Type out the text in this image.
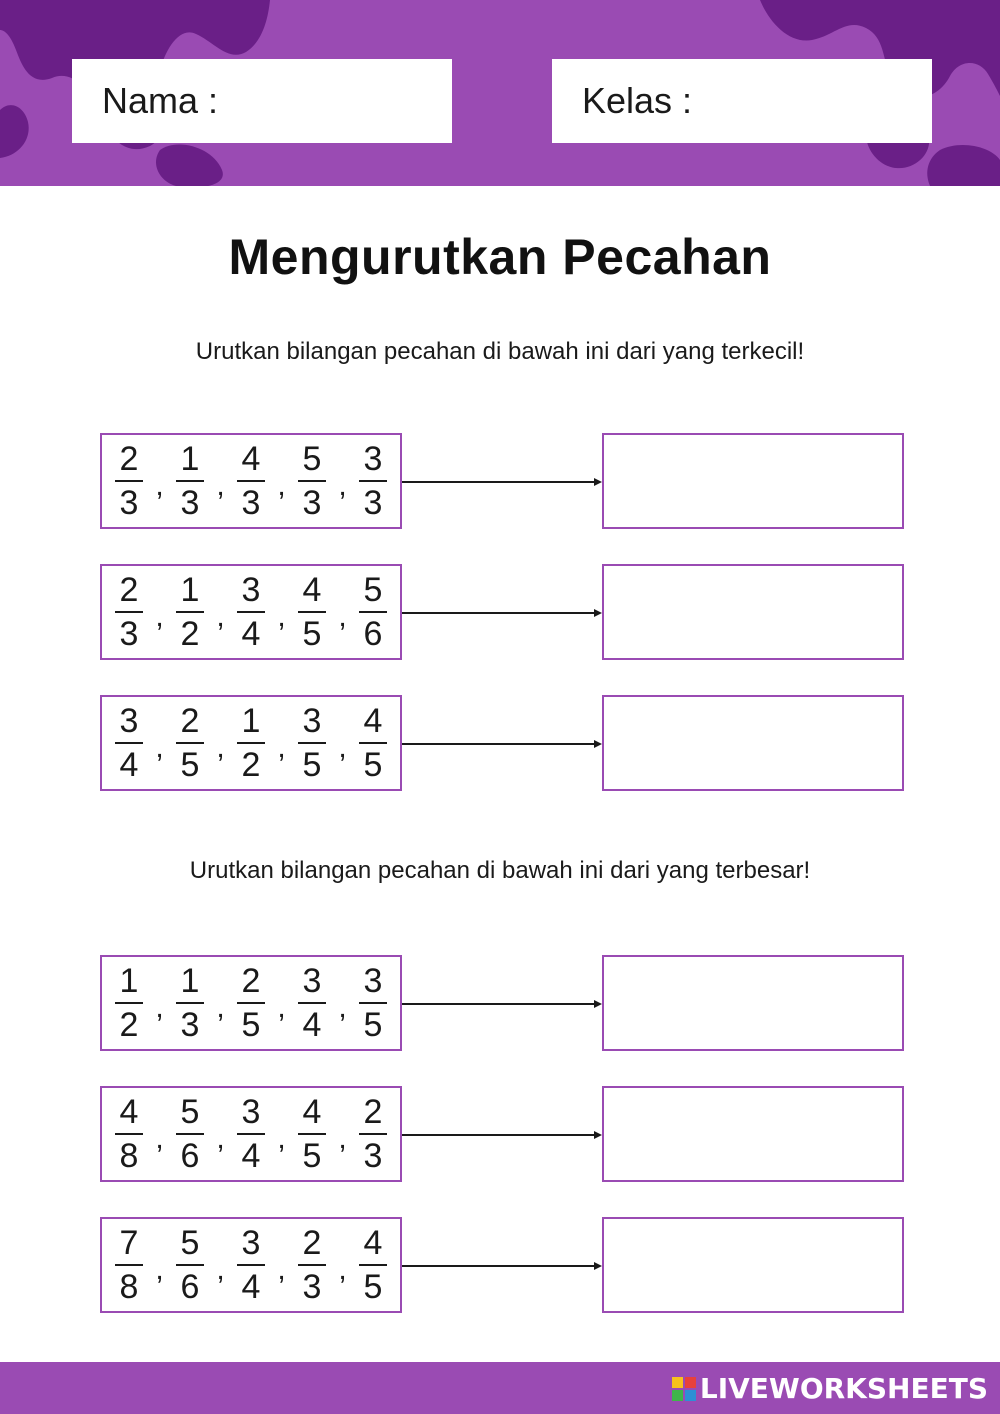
Nama :	Kelas :
Mengurutkan Pecahan
Urutkan bilangan pecahan di bawah ini dari yang terkecil!
Urutkan bilangan pecahan di bawah ini dari yang terbesar!
$\frac{2}{3}$ , $\frac{1}{3}$ , $\frac{4}{3}$ , $\frac{5}{3}$ , $\frac{3}{3}$
$\frac{2}{3}$ , $\frac{1}{2}$ , $\frac{3}{4}$ , $\frac{4}{5}$ , $\frac{5}{6}$
$\frac{3}{4}$ , $\frac{2}{5}$ , $\frac{1}{2}$ , $\frac{3}{5}$ , $\frac{4}{5}$
$\frac{1}{2}$ , $\frac{1}{3}$ , $\frac{2}{5}$ , $\frac{3}{4}$ , $\frac{3}{5}$
$\frac{4}{8}$ , $\frac{5}{6}$ , $\frac{3}{4}$ , $\frac{4}{5}$ , $\frac{2}{3}$
$\frac{7}{8}$ , $\frac{5}{6}$ , $\frac{3}{4}$ , $\frac{2}{3}$ , $\frac{4}{5}$
LIVEWORKSHEETS
